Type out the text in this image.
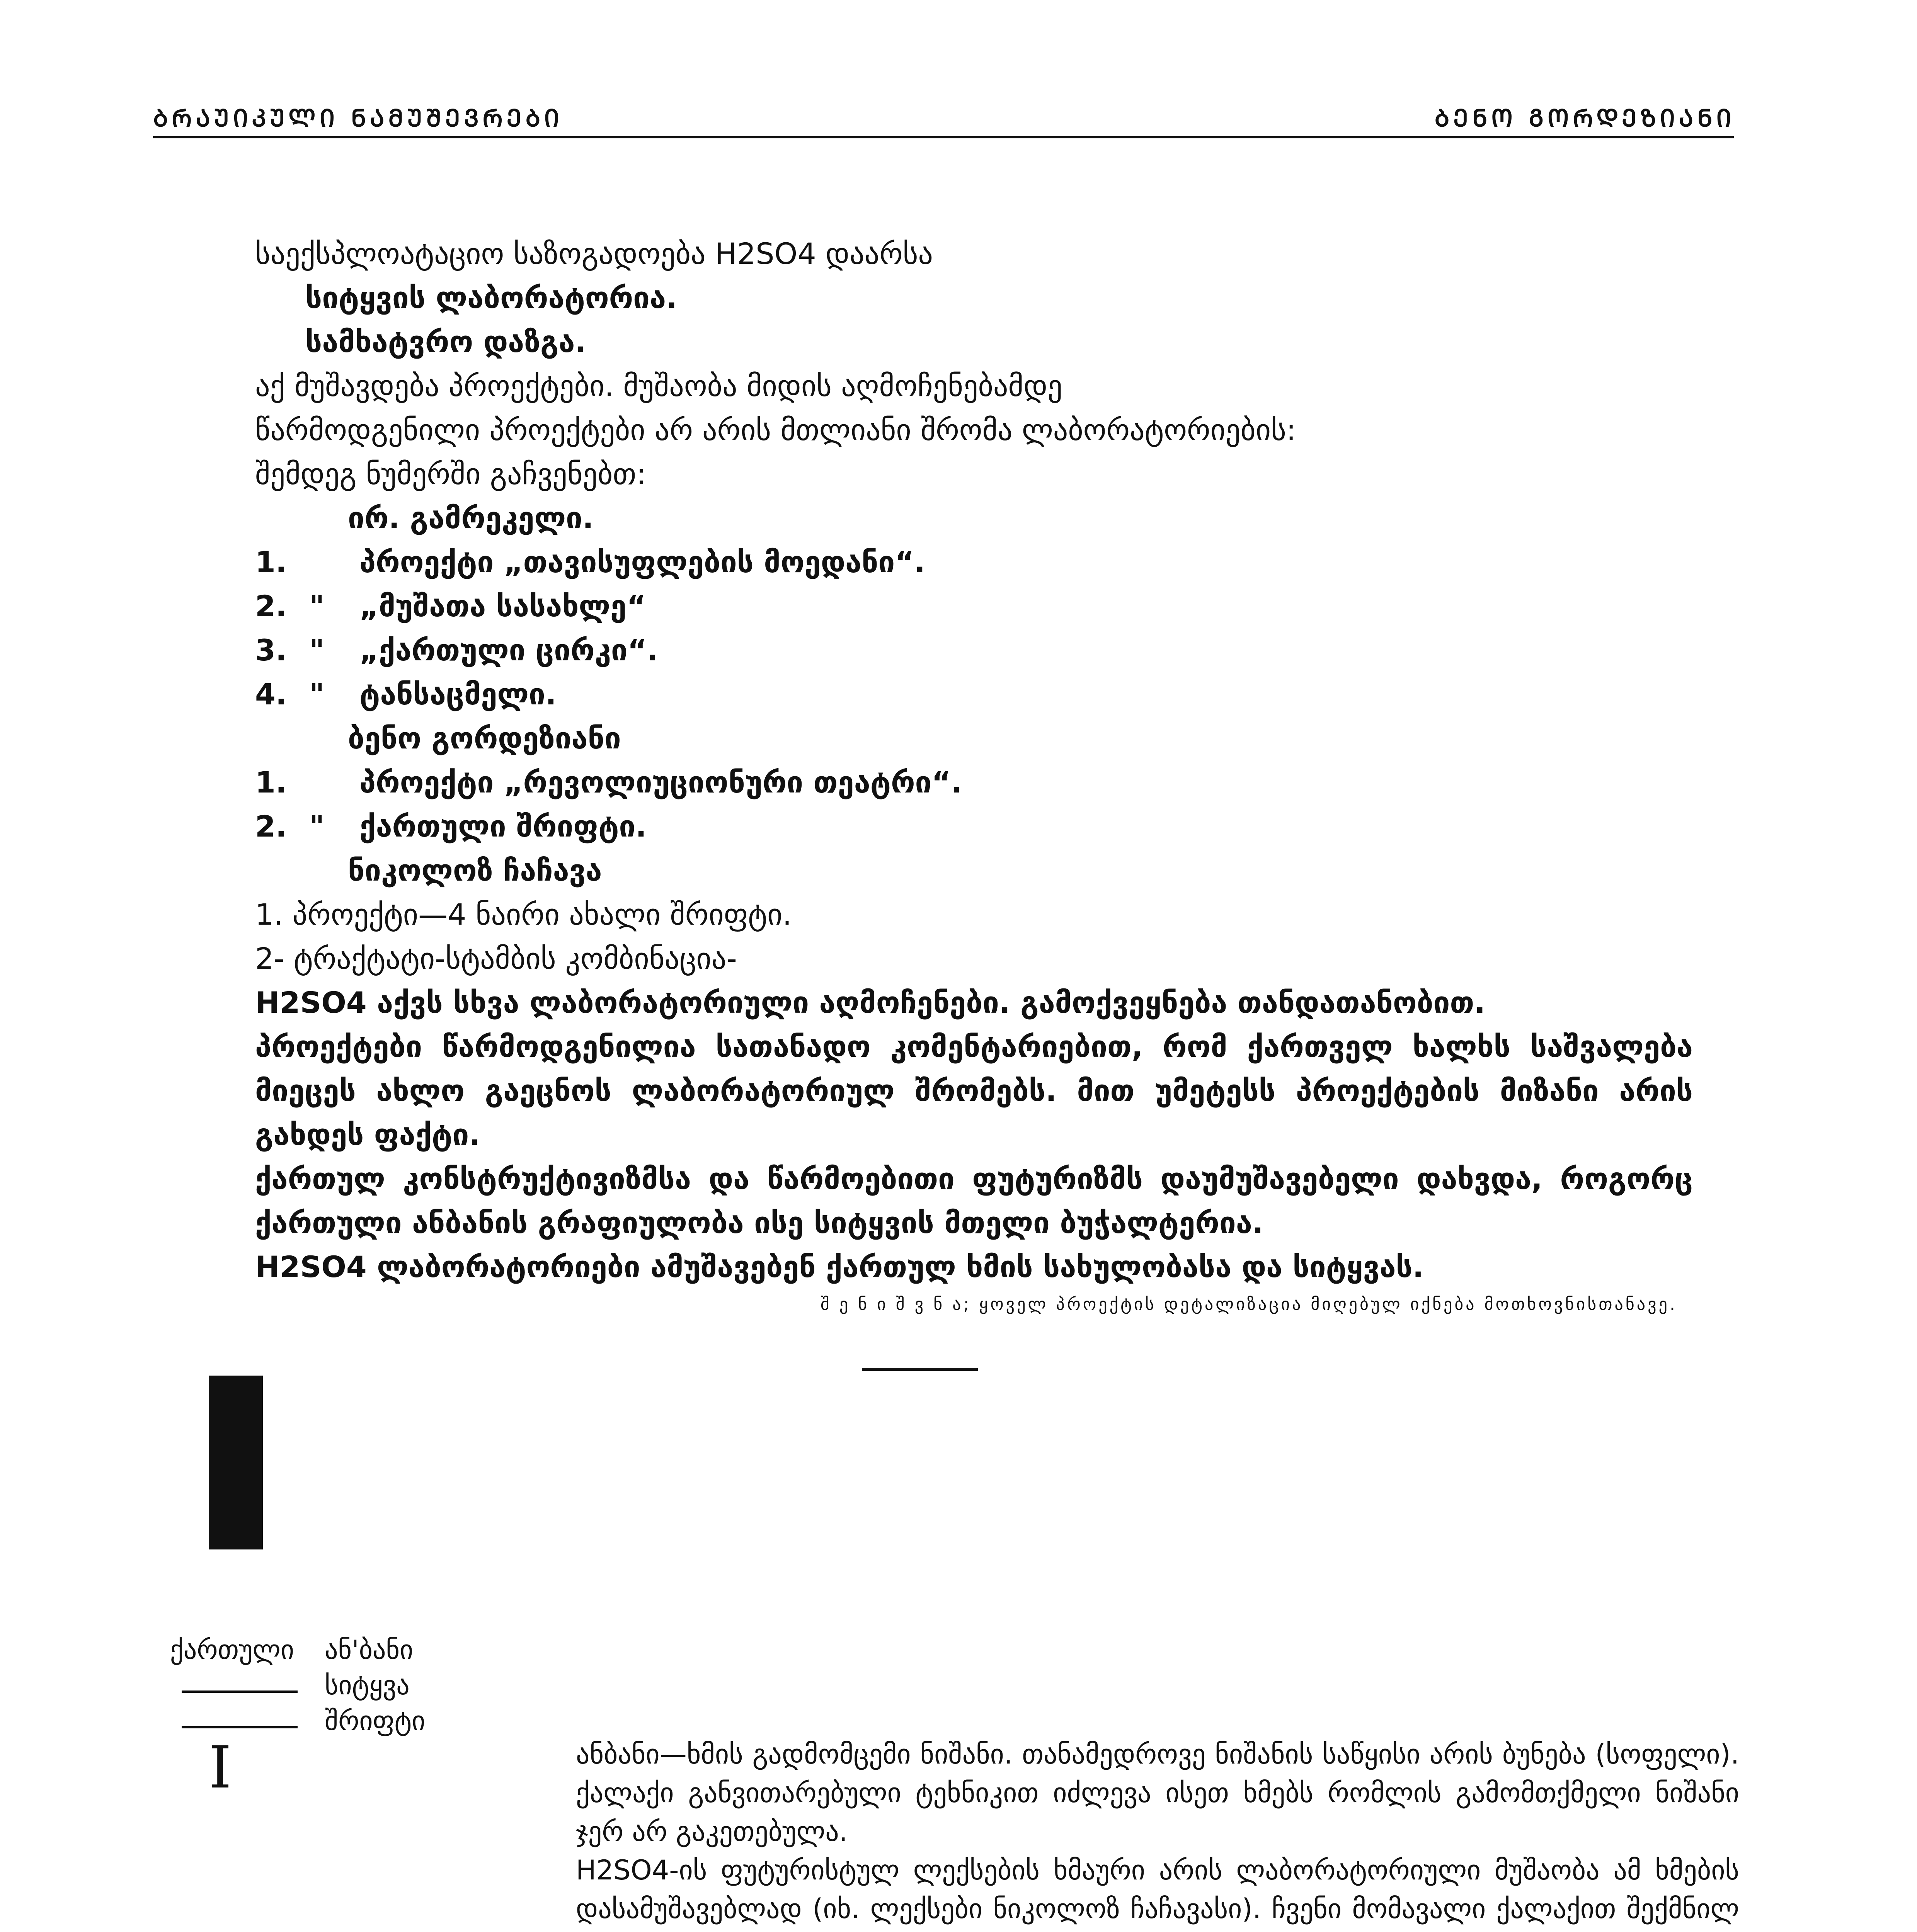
ᲑᲠᲐᲣᲘᲙᲣᲚᲘ ᲜᲐᲛᲣᲨᲔᲕᲠᲔᲑᲘ	ᲑᲔᲜᲝ ᲒᲝᲠᲓᲔᲖᲘᲐᲜᲘ
საექსპლოატაციო საზოგადოება H2SO4 დაარსა
სიტყვის ლაბორატორია.
სამხატვრო დაზგა.
აქ მუშავდება პროექტები. მუშაობა მიდის აღმოჩენებამდე
წარმოდგენილი პროექტები არ არის მთლიანი შრომა ლაბორატორიების:
შემდეგ ნუმერში გაჩვენებთ:
ირ. გამრეკელი.
1. პროექტი „თავისუფლების მოედანი“.
2. " „მუშათა სასახლე“
3. " „ქართული ცირკი“.
4. " ტანსაცმელი.
ბენო გორდეზიანი
1. პროექტი „რევოლიუციონური თეატრი“.
2. " ქართული შრიფტი.
ნიკოლოზ ჩაჩავა
1. პროექტი—4 ნაირი ახალი შრიფტი.
2- ტრაქტატი-სტამბის კომბინაცია-
H2SO4 აქვს სხვა ლაბორატორიული აღმოჩენები. გამოქვეყნება თანდათანობით.
პროექტები წარმოდგენილია სათანადო კომენტარიებით, რომ ქართველ ხალხს საშვალება მიეცეს ახლო გაეცნოს ლაბორატორიულ შრომებს. მით უმეტესს პროექტების მიზანი არის გახდეს ფაქტი.
ქართულ კონსტრუქტივიზმსა და წარმოებითი ფუტურიზმს დაუმუშავებელი დახვდა, როგორც ქართული ანბანის გრაფიულობა ისე სიტყვის მთელი ბუჭალტერია.
H2SO4 ლაბორატორიები ამუშავებენ ქართულ ხმის სახულობასა და სიტყვას.
შ ე ნ ი შ ვ ნ ა; ყოველ პროექტის დეტალიზაცია მიღებულ იქნება მოთხოვნისთანავე.
ქართული ან'ბანი
სიტყვა
შრიფტი
I	ანბანი—ხმის გადმომცემი ნიშანი. თანამედროვე ნიშანის საწყისი არის ბუნება (სოფელი). ქალაქი განვითარებული ტეხნიკით იძლევა ისეთ ხმებს რომლის გამომთქმელი ნიშანი ჯერ არ გაკეთებულა.
H2SO4-ის ფუტურისტულ ლექსების ხმაური არის ლაბორატორიული მუშაობა ამ ხმების დასამუშავებლად (იხ. ლექსები ნიკოლოზ ჩაჩავასი). ჩვენი მომავალი ქალაქით შექმნილ
